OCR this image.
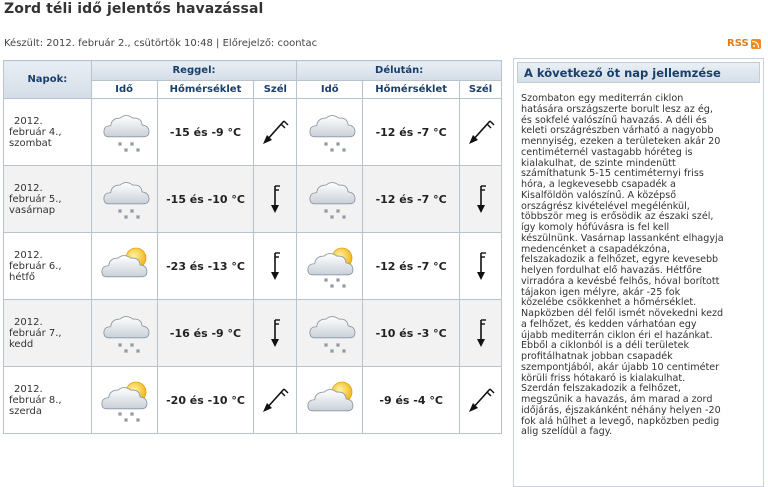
Zord téli idő jelentős havazással
Készült: 2012. február 2., csütörtök 10:48 | Előrejelző: coontac	RSS
Napok:	Reggel:			Délután:		
	Idő	Hőmérséklet	Szél	Idő	Hőmérséklet	Szél

2012.
február 4.,
szombat		-15 és -9 °C			-12 és -7 °C	

2012.
február 5.,
vasárnap		-15 és -10 °C			-12 és -7 °C	

2012.
február 6.,
hétfő		-23 és -13 °C			-12 és -7 °C	

2012.
február 7.,
kedd		-16 és -9 °C			-10 és -3 °C	

2012.
február 8.,
szerda		-20 és -10 °C			-9 és -4 °C	
A következő öt nap jellemzése
Szombaton egy mediterrán ciklon
hatására országszerte borult lesz az ég,
és sokfelé valószínű havazás. A déli és
keleti országrészben várható a nagyobb
mennyiség, ezeken a területeken akár 20
centiméternél vastagabb hóréteg is
kialakulhat, de szinte mindenütt
számíthatunk 5-15 centiméternyi friss
hóra, a legkevesebb csapadék a
Kisalföldön valószínű. A középső
országrész kivételével megélénkül,
többször meg is erősödik az északi szél,
így komoly hófúvásra is fel kell
készülnünk. Vasárnap lassanként elhagyja
medencénket a csapadékzóna,
felszakadozik a felhőzet, egyre kevesebb
helyen fordulhat elő havazás. Hétfőre
virradóra a kevésbé felhős, hóval borított
tájakon igen mélyre, akár -25 fok
közelébe csökkenhet a hőmérséklet.
Napközben dél felől ismét növekedni kezd
a felhőzet, és kedden várhatóan egy
újabb mediterrán ciklon éri el hazánkat.
Ebből a ciklonból is a déli területek
profitálhatnak jobban csapadék
szempontjából, akár újabb 10 centiméter
körüli friss hótakaró is kialakulhat.
Szerdán felszakadozik a felhőzet,
megszűnik a havazás, ám marad a zord
időjárás, éjszakánként néhány helyen -20
fok alá hűlhet a levegő, napközben pedig
alig szelídül a fagy.
